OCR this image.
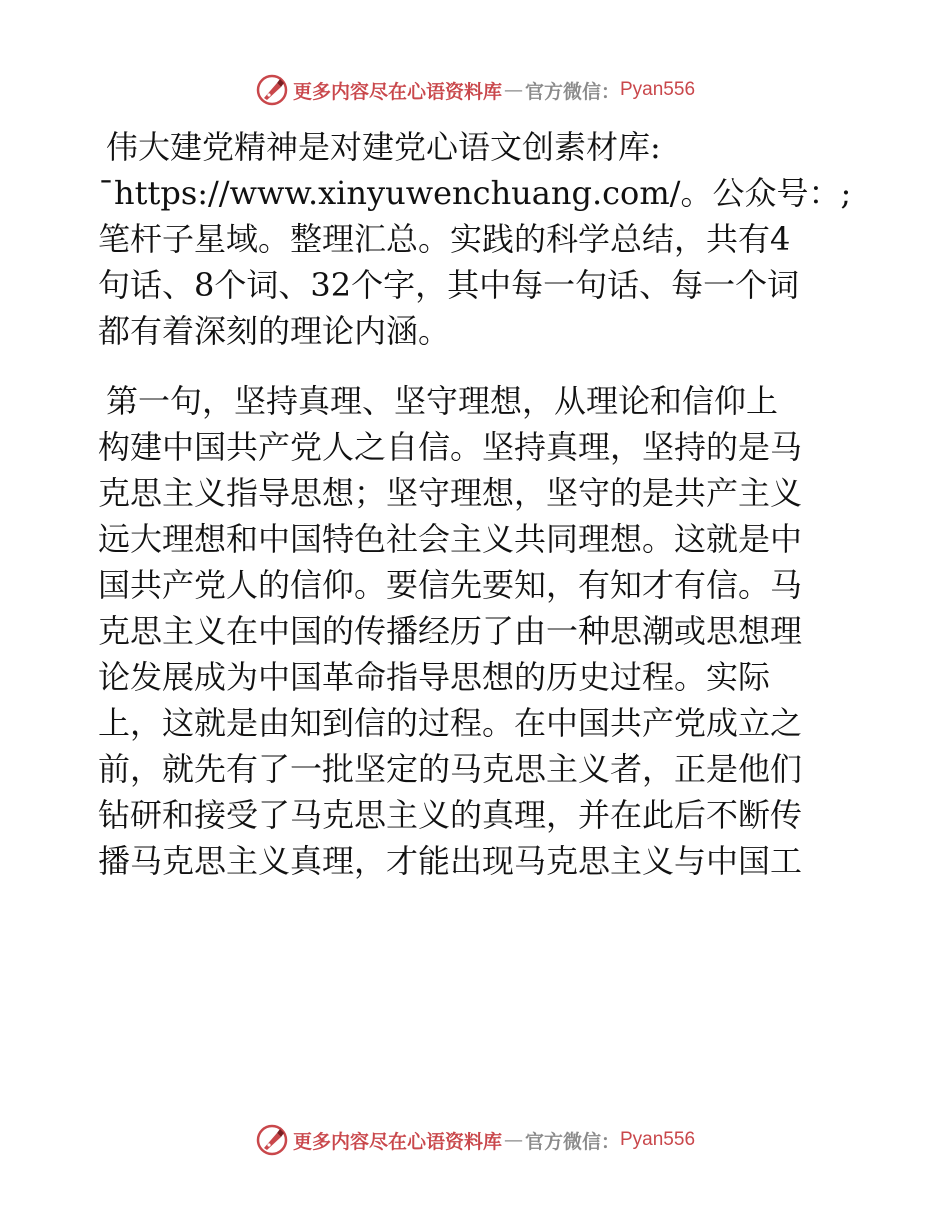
更多内容尽在心语资料库 — 官方微信： Pyan556

伟大建党精神是对建党心语文创素材库:
¯https://www.xinyuwenchuang.com/。公众号：;
笔杆子星域。整理汇总。实践的科学总结，共有4
句话、8个词、32个字，其中每一句话、每一个词
都有着深刻的理论内涵。

第一句，坚持真理、坚守理想，从理论和信仰上
构建中国共产党人之自信。坚持真理，坚持的是马
克思主义指导思想；坚守理想，坚守的是共产主义
远大理想和中国特色社会主义共同理想。这就是中
国共产党人的信仰。要信先要知，有知才有信。马
克思主义在中国的传播经历了由一种思潮或思想理
论发展成为中国革命指导思想的历史过程。实际
上，这就是由知到信的过程。在中国共产党成立之
前，就先有了一批坚定的马克思主义者，正是他们
钻研和接受了马克思主义的真理，并在此后不断传
播马克思主义真理，才能出现马克思主义与中国工

更多内容尽在心语资料库 — 官方微信： Pyan556
